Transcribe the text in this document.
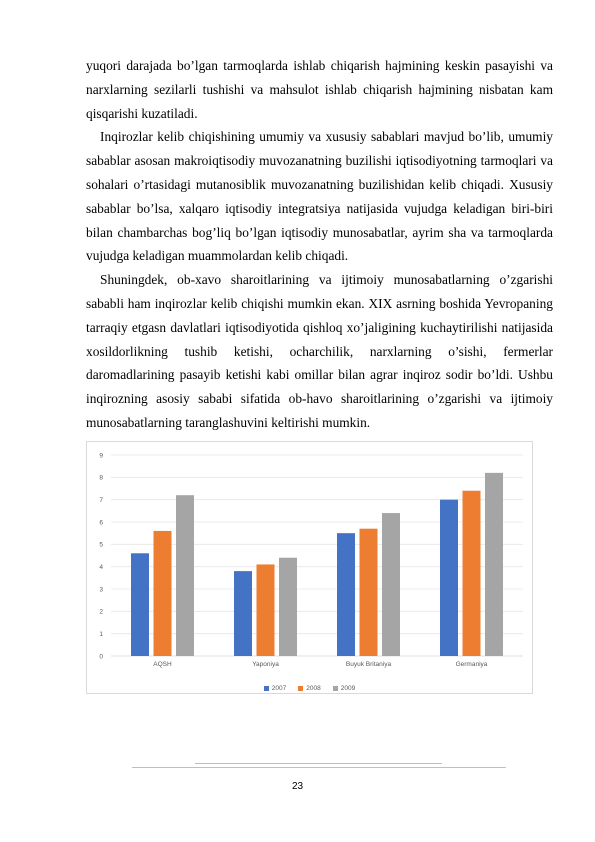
yuqori darajada bo’lgan tarmoqlarda ishlab chiqarish hajmining keskin pasayishi va narxlarning sezilarli tushishi va mahsulot ishlab chiqarish hajmining nisbatan kam qisqarishi kuzatiladi.

Inqirozlar kelib chiqishining umumiy va xususiy sabablari mavjud bo’lib, umumiy sabablar asosan makroiqtisodiy muvozanatning buzilishi iqtisodiyotning tarmoqlari va sohalari o’rtasidagi mutanosiblik muvozanatning buzilishidan kelib chiqadi. Xususiy sabablar bo’lsa, xalqaro iqtisodiy integratsiya natijasida vujudga keladigan biri-biri bilan chambarchas bog’liq bo’lgan iqtisodiy munosabatlar, ayrim sha va tarmoqlarda vujudga keladigan muammolardan kelib chiqadi.

Shuningdek, ob-xavo sharoitlarining va ijtimoiy munosabatlarning o’zgarishi sababli ham inqirozlar kelib chiqishi mumkin ekan. XIX asrning boshida Yevropaning tarraqiy etgasn davlatlari iqtisodiyotida qishloq xo’jaligining kuchaytirilishi natijasida xosildorlikning tushib ketishi, ocharchilik, narxlarning o’sishi, fermerlar daromadlarining pasayib ketishi kabi omillar bilan agrar inqiroz sodir bo’ldi. Ushbu inqirozning asosiy sababi sifatida ob-havo sharoitlarining o’zgarishi va ijtimoiy munosabatlarning taranglashuvini keltirishi mumkin.

0
1
2
3
4
5
6
7
8
9
AQSH	Yaponiya	Buyuk Britaniya	Germaniya
2007	2008	2009
23
